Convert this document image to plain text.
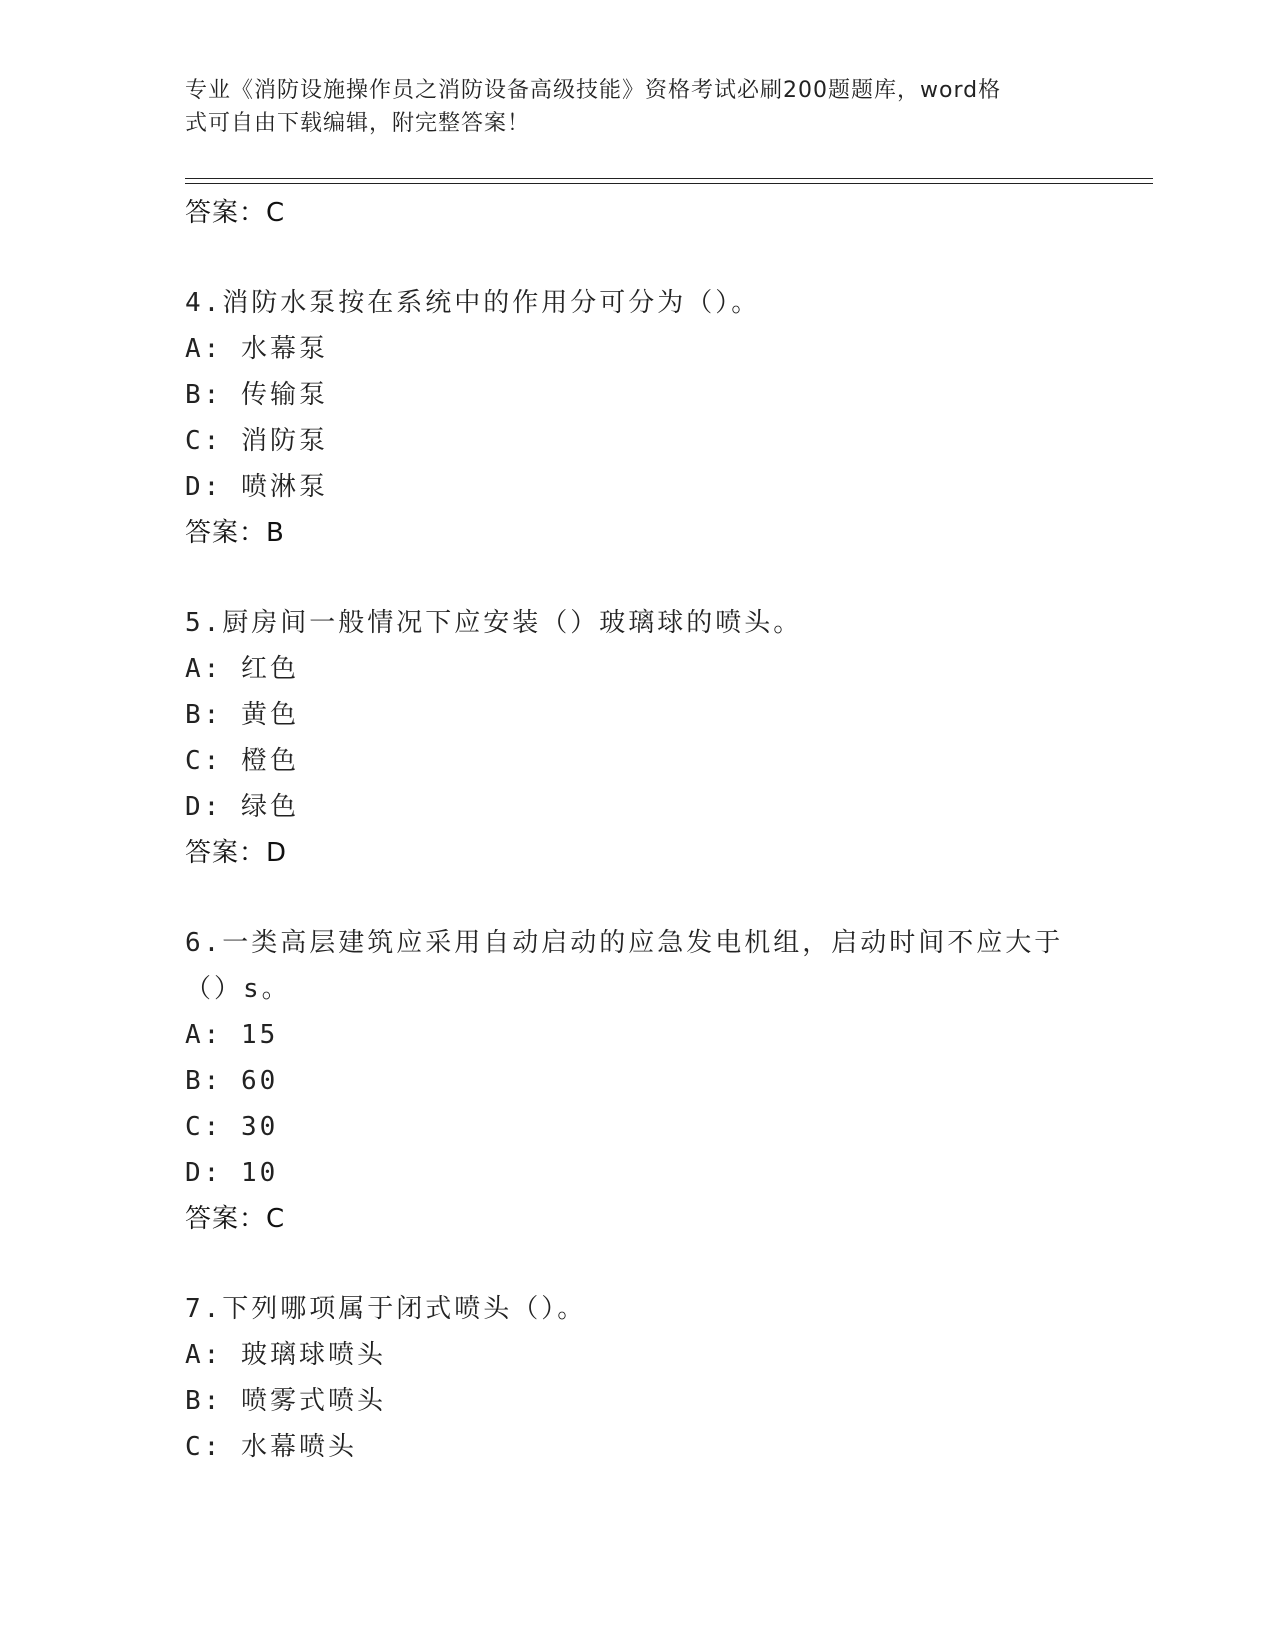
专业《消防设施操作员之消防设备高级技能》资格考试必刷200题题库，word格
式可自由下载编辑，附完整答案！
答案：C
4.消防水泵按在系统中的作用分可分为（）。
A: 水幕泵
B: 传输泵
C: 消防泵
D: 喷淋泵
答案：B
5.厨房间一般情况下应安装（）玻璃球的喷头。
A: 红色
B: 黄色
C: 橙色
D: 绿色
答案：D
6.一类高层建筑应采用自动启动的应急发电机组，启动时间不应大于
（）s。
A: 15
B: 60
C: 30
D: 10
答案：C
7.下列哪项属于闭式喷头（）。
A: 玻璃球喷头
B: 喷雾式喷头
C: 水幕喷头
